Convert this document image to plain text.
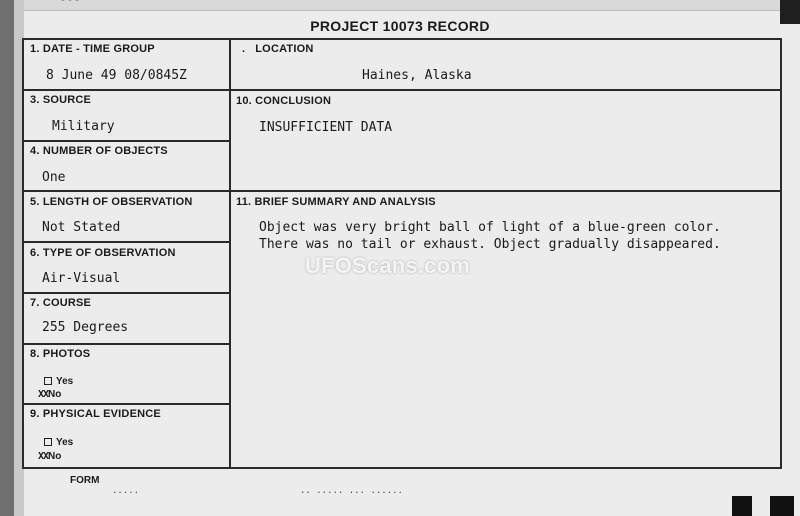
---
PROJECT 10073 RECORD
1. DATE - TIME GROUP
8 June 49 08/0845Z
. LOCATION
Haines, Alaska
3. SOURCE
Military
10. CONCLUSION
INSUFFICIENT DATA
4. NUMBER OF OBJECTS
One
5. LENGTH OF OBSERVATION
Not Stated
11. BRIEF SUMMARY AND ANALYSIS
Object was very bright ball of light of a blue-green color.
There was no tail or exhaust. Object gradually disappeared.
6. TYPE OF OBSERVATION
Air-Visual
7. COURSE
255 Degrees
8. PHOTOS
Yes
XXNo
9. PHYSICAL EVIDENCE
Yes
XXNo
UFOScans.com
FORM
.....	.. ..... ... ......
